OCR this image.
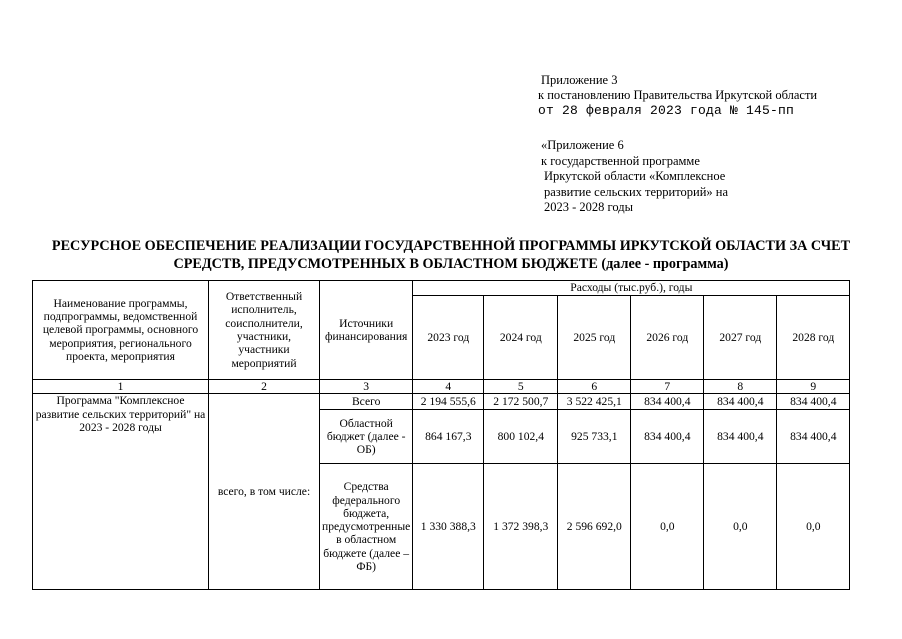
Приложение 3
к постановлению Правительства Иркутской области
от 28 февраля 2023 года № 145-пп
«Приложение 6
к государственной программе
Иркутской области «Комплексное
развитие сельских территорий» на
2023 - 2028 годы
РЕСУРСНОЕ ОБЕСПЕЧЕНИЕ РЕАЛИЗАЦИИ ГОСУДАРСТВЕННОЙ ПРОГРАММЫ ИРКУТСКОЙ ОБЛАСТИ ЗА СЧЕТ
СРЕДСТВ, ПРЕДУСМОТРЕННЫХ В ОБЛАСТНОМ БЮДЖЕТЕ (далее - программа)
Наименование программы, подпрограммы, ведомственной целевой программы, основного мероприятия, регионального проекта, мероприятия	Ответственный исполнитель, соисполнители, участники, участники мероприятий	Источники финансирования	Расходы (тыс.руб.), годы					
			2023 год	2024 год	2025 год	2026 год	2027 год	2028 год
1	2	3	4	5	6	7	8	9
Программа "Комплексное развитие сельских территорий" на 2023 - 2028 годы	всего, в том числе:	Всего	2 194 555,6	2 172 500,7	3 522 425,1	834 400,4	834 400,4	834 400,4
		Областной бюджет (далее - ОБ)	864 167,3	800 102,4	925 733,1	834 400,4	834 400,4	834 400,4
		Средства федерального бюджета, предусмотренные в областном бюджете (далее – ФБ)	1 330 388,3	1 372 398,3	2 596 692,0	0,0	0,0	0,0
